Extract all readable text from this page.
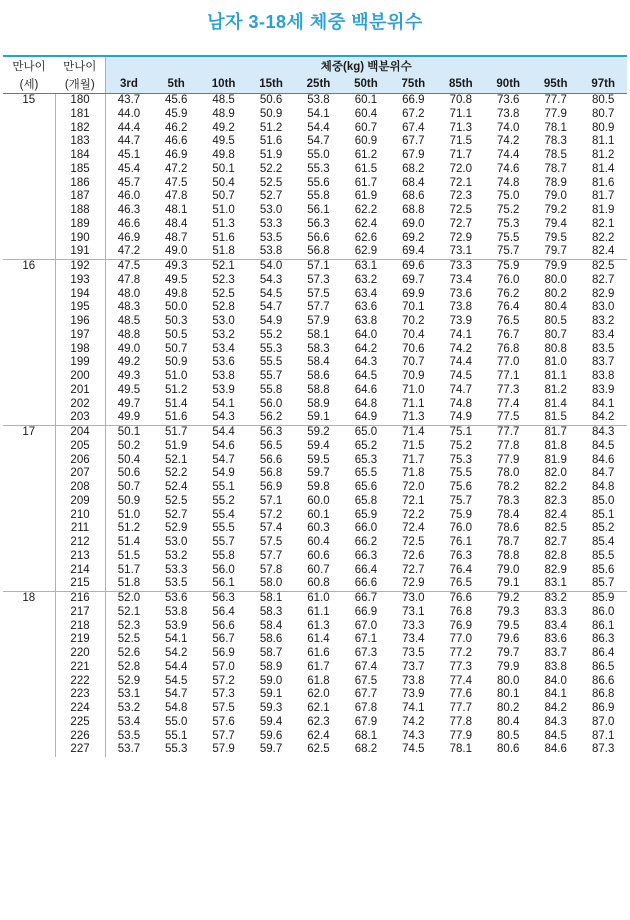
남자 3-18세 체중 백분위수
만나이	만나이	체중(kg) 백분위수										
(세)	(개월)	3rd	5th	10th	15th	25th	50th	75th	85th	90th	95th	97th
15	180	43.7	45.6	48.5	50.6	53.8	60.1	66.9	70.8	73.6	77.7	80.5
	181	44.0	45.9	48.9	50.9	54.1	60.4	67.2	71.1	73.8	77.9	80.7
	182	44.4	46.2	49.2	51.2	54.4	60.7	67.4	71.3	74.0	78.1	80.9
	183	44.7	46.6	49.5	51.6	54.7	60.9	67.7	71.5	74.2	78.3	81.1
	184	45.1	46.9	49.8	51.9	55.0	61.2	67.9	71.7	74.4	78.5	81.2
	185	45.4	47.2	50.1	52.2	55.3	61.5	68.2	72.0	74.6	78.7	81.4
	186	45.7	47.5	50.4	52.5	55.6	61.7	68.4	72.1	74.8	78.9	81.6
	187	46.0	47.8	50.7	52.7	55.8	61.9	68.6	72.3	75.0	79.0	81.7
	188	46.3	48.1	51.0	53.0	56.1	62.2	68.8	72.5	75.2	79.2	81.9
	189	46.6	48.4	51.3	53.3	56.3	62.4	69.0	72.7	75.3	79.4	82.1
	190	46.9	48.7	51.6	53.5	56.6	62.6	69.2	72.9	75.5	79.5	82.2
	191	47.2	49.0	51.8	53.8	56.8	62.9	69.4	73.1	75.7	79.7	82.4
16	192	47.5	49.3	52.1	54.0	57.1	63.1	69.6	73.3	75.9	79.9	82.5
	193	47.8	49.5	52.3	54.3	57.3	63.2	69.7	73.4	76.0	80.0	82.7
	194	48.0	49.8	52.5	54.5	57.5	63.4	69.9	73.6	76.2	80.2	82.9
	195	48.3	50.0	52.8	54.7	57.7	63.6	70.1	73.8	76.4	80.4	83.0
	196	48.5	50.3	53.0	54.9	57.9	63.8	70.2	73.9	76.5	80.5	83.2
	197	48.8	50.5	53.2	55.2	58.1	64.0	70.4	74.1	76.7	80.7	83.4
	198	49.0	50.7	53.4	55.3	58.3	64.2	70.6	74.2	76.8	80.8	83.5
	199	49.2	50.9	53.6	55.5	58.4	64.3	70.7	74.4	77.0	81.0	83.7
	200	49.3	51.0	53.8	55.7	58.6	64.5	70.9	74.5	77.1	81.1	83.8
	201	49.5	51.2	53.9	55.8	58.8	64.6	71.0	74.7	77.3	81.2	83.9
	202	49.7	51.4	54.1	56.0	58.9	64.8	71.1	74.8	77.4	81.4	84.1
	203	49.9	51.6	54.3	56.2	59.1	64.9	71.3	74.9	77.5	81.5	84.2
17	204	50.1	51.7	54.4	56.3	59.2	65.0	71.4	75.1	77.7	81.7	84.3
	205	50.2	51.9	54.6	56.5	59.4	65.2	71.5	75.2	77.8	81.8	84.5
	206	50.4	52.1	54.7	56.6	59.5	65.3	71.7	75.3	77.9	81.9	84.6
	207	50.6	52.2	54.9	56.8	59.7	65.5	71.8	75.5	78.0	82.0	84.7
	208	50.7	52.4	55.1	56.9	59.8	65.6	72.0	75.6	78.2	82.2	84.8
	209	50.9	52.5	55.2	57.1	60.0	65.8	72.1	75.7	78.3	82.3	85.0
	210	51.0	52.7	55.4	57.2	60.1	65.9	72.2	75.9	78.4	82.4	85.1
	211	51.2	52.9	55.5	57.4	60.3	66.0	72.4	76.0	78.6	82.5	85.2
	212	51.4	53.0	55.7	57.5	60.4	66.2	72.5	76.1	78.7	82.7	85.4
	213	51.5	53.2	55.8	57.7	60.6	66.3	72.6	76.3	78.8	82.8	85.5
	214	51.7	53.3	56.0	57.8	60.7	66.4	72.7	76.4	79.0	82.9	85.6
	215	51.8	53.5	56.1	58.0	60.8	66.6	72.9	76.5	79.1	83.1	85.7
18	216	52.0	53.6	56.3	58.1	61.0	66.7	73.0	76.6	79.2	83.2	85.9
	217	52.1	53.8	56.4	58.3	61.1	66.9	73.1	76.8	79.3	83.3	86.0
	218	52.3	53.9	56.6	58.4	61.3	67.0	73.3	76.9	79.5	83.4	86.1
	219	52.5	54.1	56.7	58.6	61.4	67.1	73.4	77.0	79.6	83.6	86.3
	220	52.6	54.2	56.9	58.7	61.6	67.3	73.5	77.2	79.7	83.7	86.4
	221	52.8	54.4	57.0	58.9	61.7	67.4	73.7	77.3	79.9	83.8	86.5
	222	52.9	54.5	57.2	59.0	61.8	67.5	73.8	77.4	80.0	84.0	86.6
	223	53.1	54.7	57.3	59.1	62.0	67.7	73.9	77.6	80.1	84.1	86.8
	224	53.2	54.8	57.5	59.3	62.1	67.8	74.1	77.7	80.2	84.2	86.9
	225	53.4	55.0	57.6	59.4	62.3	67.9	74.2	77.8	80.4	84.3	87.0
	226	53.5	55.1	57.7	59.6	62.4	68.1	74.3	77.9	80.5	84.5	87.1
	227	53.7	55.3	57.9	59.7	62.5	68.2	74.5	78.1	80.6	84.6	87.3
